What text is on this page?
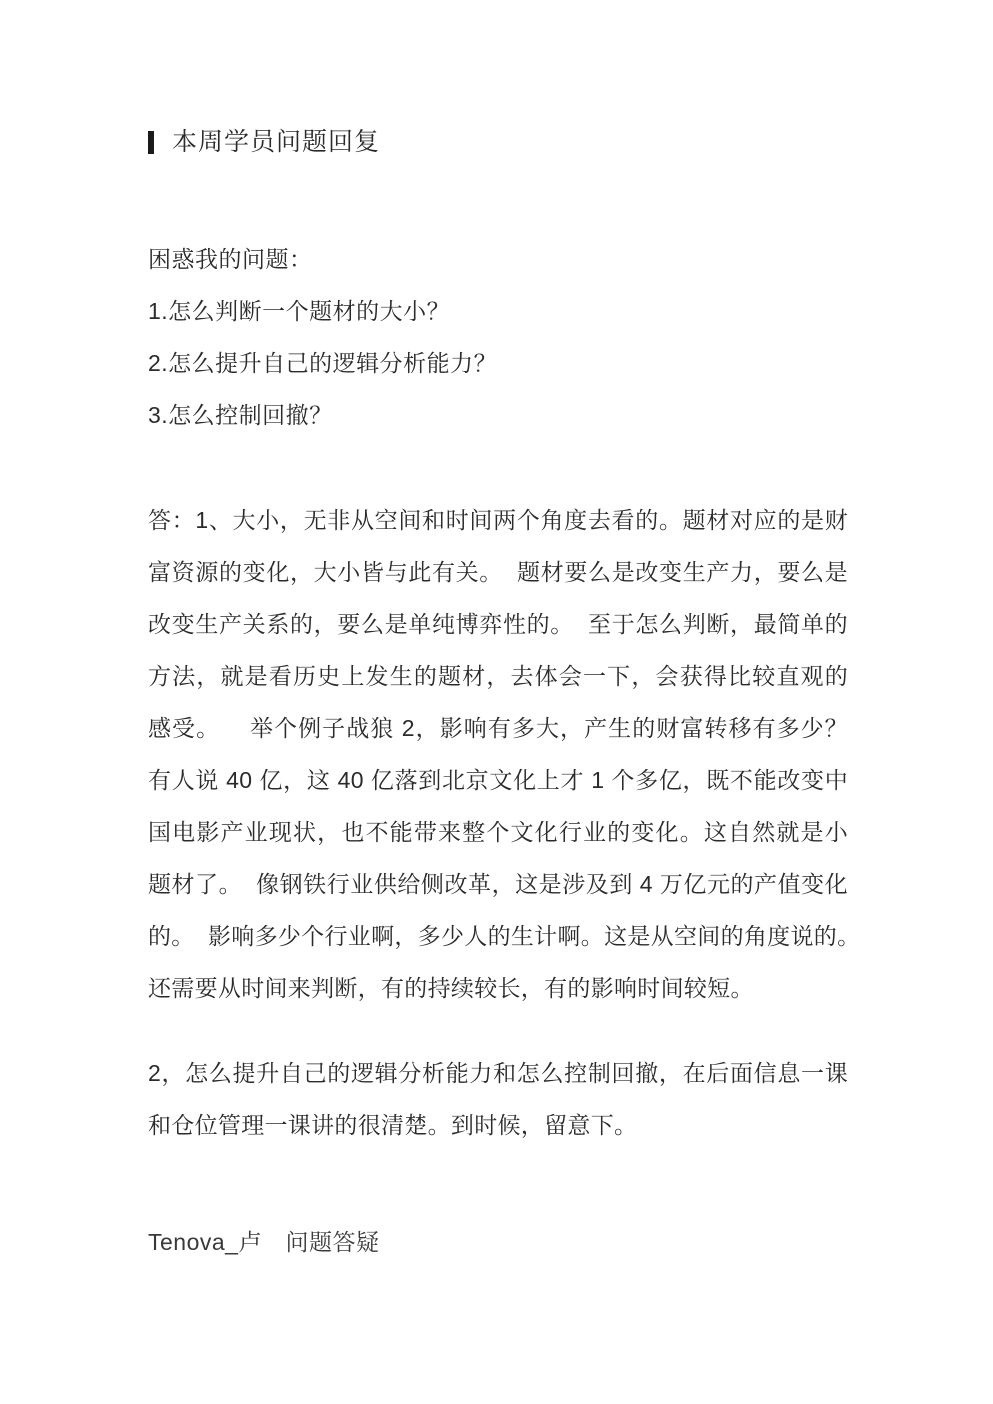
本周学员问题回复
困惑我的问题：
1.怎么判断一个题材的大小？
2.怎么提升自己的逻辑分析能力？
3.怎么控制回撤？
答：1、大小，无非从空间和时间两个角度去看的。题材对应的是财
富资源的变化，大小皆与此有关。  题材要么是改变生产力，要么是
改变生产关系的，要么是单纯博弈性的。  至于怎么判断，最简单的
方法，就是看历史上发生的题材，去体会一下，会获得比较直观的
感受。    举个例子战狼 2，影响有多大，产生的财富转移有多少？
有人说 40 亿，这 40 亿落到北京文化上才 1 个多亿，既不能改变中
国电影产业现状，也不能带来整个文化行业的变化。这自然就是小
题材了。  像钢铁行业供给侧改革，这是涉及到 4 万亿元的产值变化
的。  影响多少个行业啊，多少人的生计啊。这是从空间的角度说的。
还需要从时间来判断，有的持续较长，有的影响时间较短。
2，怎么提升自己的逻辑分析能力和怎么控制回撤，在后面信息一课
和仓位管理一课讲的很清楚。到时候，留意下。
Tenova_卢　问题答疑
